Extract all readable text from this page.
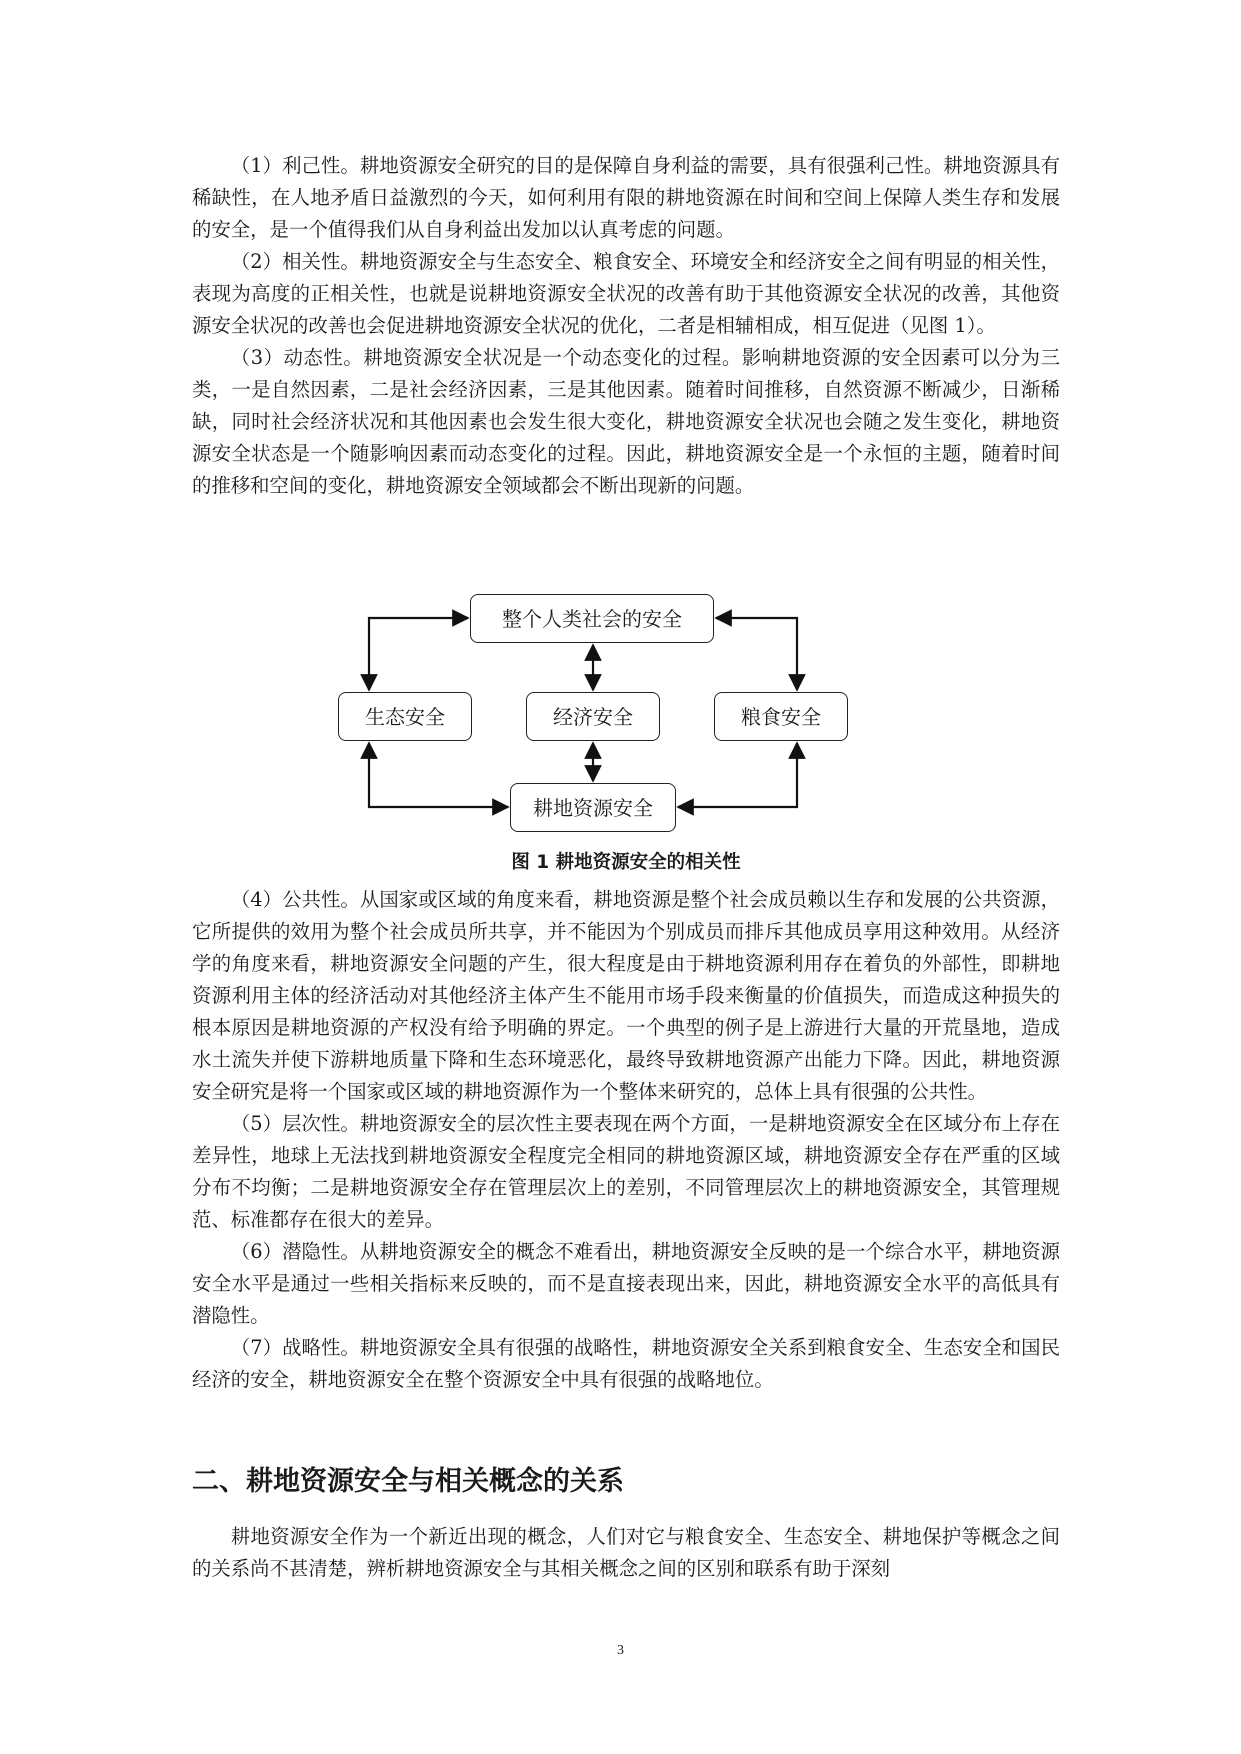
（1）利己性。耕地资源安全研究的目的是保障自身利益的需要，具有很强利己性。耕地资源具有稀缺性，在人地矛盾日益激烈的今天，如何利用有限的耕地资源在时间和空间上保障人类生存和发展的安全，是一个值得我们从自身利益出发加以认真考虑的问题。

（2）相关性。耕地资源安全与生态安全、粮食安全、环境安全和经济安全之间有明显的相关性，表现为高度的正相关性，也就是说耕地资源安全状况的改善有助于其他资源安全状况的改善，其他资源安全状况的改善也会促进耕地资源安全状况的优化，二者是相辅相成，相互促进（见图 1）。

（3）动态性。耕地资源安全状况是一个动态变化的过程。影响耕地资源的安全因素可以分为三类，一是自然因素，二是社会经济因素，三是其他因素。随着时间推移，自然资源不断减少，日渐稀缺，同时社会经济状况和其他因素也会发生很大变化，耕地资源安全状况也会随之发生变化，耕地资源安全状态是一个随影响因素而动态变化的过程。因此，耕地资源安全是一个永恒的主题，随着时间的推移和空间的变化，耕地资源安全领域都会不断出现新的问题。

整个人类社会的安全
生态安全	经济安全	粮食安全
耕地资源安全
图 1 耕地资源安全的相关性

（4）公共性。从国家或区域的角度来看，耕地资源是整个社会成员赖以生存和发展的公共资源，它所提供的效用为整个社会成员所共享，并不能因为个别成员而排斥其他成员享用这种效用。从经济学的角度来看，耕地资源安全问题的产生，很大程度是由于耕地资源利用存在着负的外部性，即耕地资源利用主体的经济活动对其他经济主体产生不能用市场手段来衡量的价值损失，而造成这种损失的根本原因是耕地资源的产权没有给予明确的界定。一个典型的例子是上游进行大量的开荒垦地，造成水土流失并使下游耕地质量下降和生态环境恶化，最终导致耕地资源产出能力下降。因此，耕地资源安全研究是将一个国家或区域的耕地资源作为一个整体来研究的，总体上具有很强的公共性。

（5）层次性。耕地资源安全的层次性主要表现在两个方面，一是耕地资源安全在区域分布上存在差异性，地球上无法找到耕地资源安全程度完全相同的耕地资源区域，耕地资源安全存在严重的区域分布不均衡；二是耕地资源安全存在管理层次上的差别，不同管理层次上的耕地资源安全，其管理规范、标准都存在很大的差异。

（6）潜隐性。从耕地资源安全的概念不难看出，耕地资源安全反映的是一个综合水平，耕地资源安全水平是通过一些相关指标来反映的，而不是直接表现出来，因此，耕地资源安全水平的高低具有潜隐性。

（7）战略性。耕地资源安全具有很强的战略性，耕地资源安全关系到粮食安全、生态安全和国民经济的安全，耕地资源安全在整个资源安全中具有很强的战略地位。

二、耕地资源安全与相关概念的关系

耕地资源安全作为一个新近出现的概念，人们对它与粮食安全、生态安全、耕地保护等概念之间的关系尚不甚清楚，辨析耕地资源安全与其相关概念之间的区别和联系有助于深刻

3
